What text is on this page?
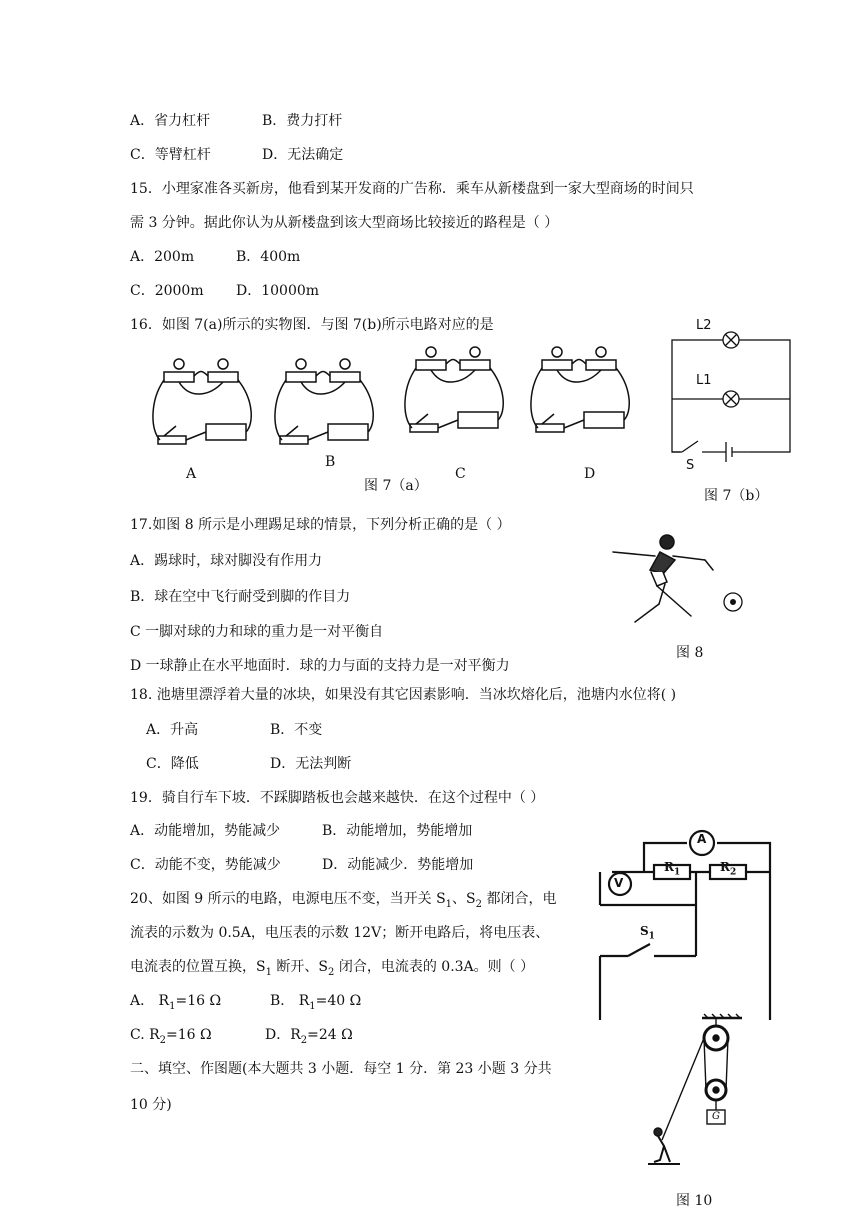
A．省力杠杆	B．费力打杆
C．等臂杠杆	D．无法确定
15．小理家准各买新房，他看到某开发商的广告称．乘车从新楼盘到一家大型商场的时间只
需 3 分钟。据此你认为从新楼盘到该大型商场比较接近的路程是（ ）
A．200m	B．400m
C．2000m D．10000m
16．如图 7(a)所示的实物图．与图 7(b)所示电路对应的是
A
B
C	D
图 7（a）
L2
L1
S
图 7（b）
17.如图 8 所示是小理踢足球的情景，下列分析正确的是（ ）
A．踢球时，球对脚没有作用力
B．球在空中飞行耐受到脚的作目力
C 一脚对球的力和球的重力是一对平衡自
D 一球静止在水平地面时．球的力与面的支持力是一对平衡力
图 8
18. 池塘里漂浮着大量的冰块，如果没有其它因素影响．当冰坎熔化后，池塘内水位将( )
A．升高	B．不变
C．降低	D．无法判断
19．骑自行车下坡．不踩脚踏板也会越来越快．在这个过程中（ ）
A．动能增加，势能减少	B．动能增加，势能增加
C．动能不变，势能减少	D．动能减少．势能增加
20、如图 9 所示的电路，电源电压不变，当开关 $S_1$、$S_2$ 都闭合，电
流表的示数为 0.5A，电压表的示数 12V；断开电路后，将电压表、
电流表的位置互换，$S_1$ 断开、$S_2$ 闭合，电流表的 0.3A。则（ ）
A． $R_1=16$ Ω	B． $R_1=40$ Ω
C. $R_2=16$ Ω	D．$R_2=24$ Ω
二、填空、作图题(本大题共 3 小题．每空 1 分．第 23 小题 3 分共
10 分)
A
V
$R_1$	$R_2$
$S_1$
G
图 10
